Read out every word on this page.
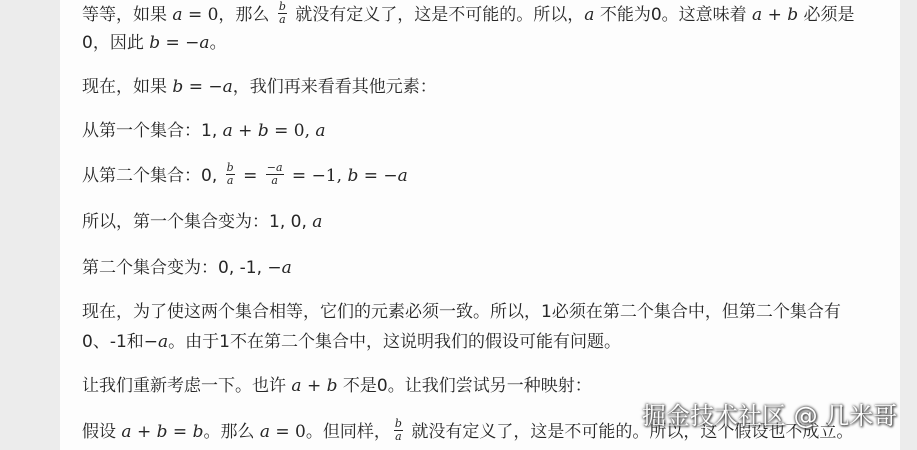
等等，如果 a = 0，那么 $\frac{b}{a}$ 就没有定义了，这是不可能的。所以，a 不能为0。这意味着 a + b 必须是
0，因此 b = −a。
现在，如果 b = −a，我们再来看看其他元素：
从第一个集合：1, a + b = 0, a
从第二个集合：0, $\frac{b}{a} = \frac{-a}{a} = -1$, b = −a
所以，第一个集合变为：1, 0, a
第二个集合变为：0, -1, −a
现在，为了使这两个集合相等，它们的元素必须一致。所以，1必须在第二个集合中，但第二个集合有
0、-1和−a。由于1不在第二个集合中，这说明我们的假设可能有问题。
让我们重新考虑一下。也许 a + b 不是0。让我们尝试另一种映射：
假设 a + b = b。那么 a = 0。但同样， $\frac{b}{a}$ 就没有定义了，这是不可能的。所以，这个假设也不成立。
掘金技术社区 @ 几米哥
